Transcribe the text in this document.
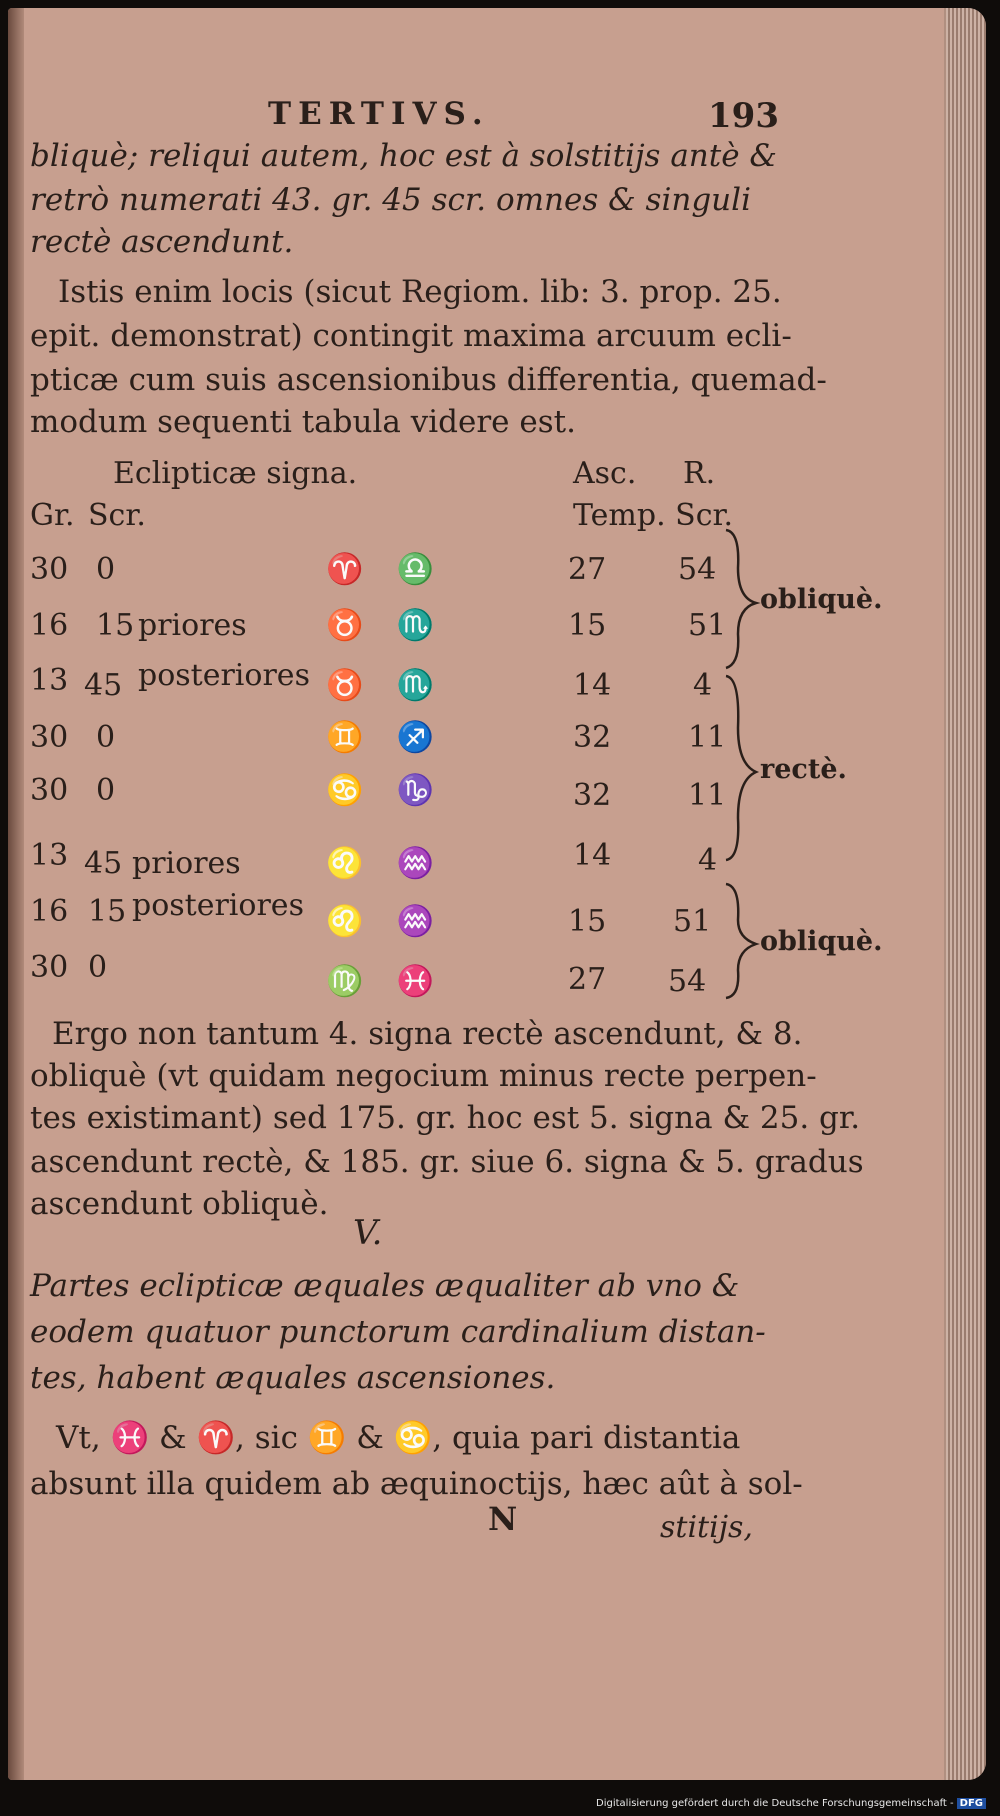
TERTIVS.	193
bliquè; reliqui autem, hoc est à solstitijs antè &
retrò numerati 43. gr. 45 scr. omnes & singuli
rectè ascendunt.
Istis enim locis (sicut Regiom. lib: 3. prop. 25.
epit. demonstrat) contingit maxima arcuum ecli-
pticæ cum suis ascensionibus differentia, quemad-
modum sequenti tabula videre est.
Eclipticæ signa.	Asc. R.
Gr. Scr.	Temp. Scr.
30 0	♈ ♎	27 54
16 15 priores	♉ ♏	15	51
13 45 posteriores ♉ ♏	14	4
30 0	♊ ♐	32	11
30 0	♋ ♑	32	11
13 45 priores	♌ ♒	14	4
16 15 posteriores ♌ ♒	15 51
30 0	♍ ♓	27 54
obliquè.
rectè.
obliquè.
Ergo non tantum 4. signa rectè ascendunt, & 8.
obliquè (vt quidam negocium minus recte perpen-
tes existimant) sed 175. gr. hoc est 5. signa & 25. gr.
ascendunt rectè, & 185. gr. siue 6. signa & 5. gradus
ascendunt obliquè.
V.
Partes eclipticæ æquales æqualiter ab vno &
eodem quatuor punctorum cardinalium distan-
tes, habent æquales ascensiones.
Vt, ♓ & ♈, sic ♊ & ♋, quia pari distantia
absunt illa quidem ab æquinoctijs, hæc aût à sol-
N	stitijs,
Digitalisierung gefördert durch die Deutsche Forschungsgemeinschaft - DFG
